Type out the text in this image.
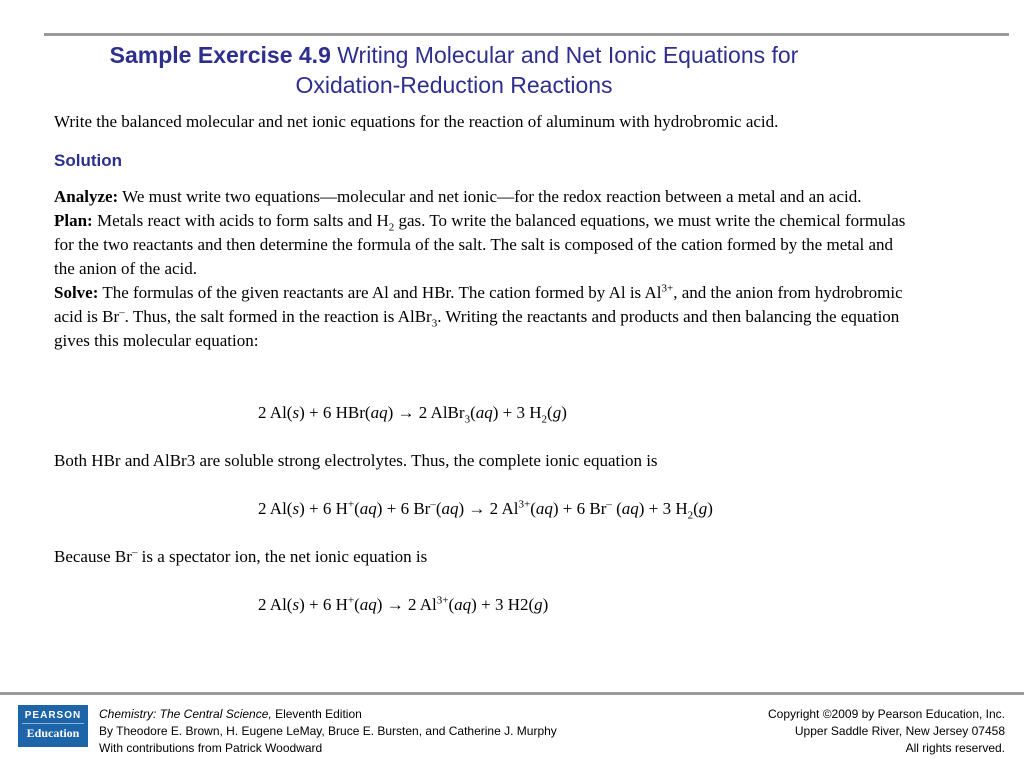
Sample Exercise 4.9 Writing Molecular and Net Ionic Equations for
Oxidation-Reduction Reactions
Write the balanced molecular and net ionic equations for the reaction of aluminum with hydrobromic acid.
Solution

Analyze: We must write two equations—molecular and net ionic—for the redox reaction between a metal and an acid.

Plan: Metals react with acids to form salts and $H_2$ gas. To write the balanced equations, we must write the chemical formulas for the two reactants and then determine the formula of the salt. The salt is composed of the cation formed by the metal and the anion of the acid.

Solve: The formulas of the given reactants are Al and HBr. The cation formed by Al is $Al^{3+}$, and the anion from hydrobromic acid is Br–. Thus, the salt formed in the reaction is AlBr$_3$. Writing the reactants and products and then balancing the equation gives this molecular equation:

2 Al(s) + 6 HBr(aq) → 2 AlBr$_3$(aq) + 3 $H_2(g)$
Both HBr and AlBr3 are soluble strong electrolytes. Thus, the complete ionic equation is
2 Al(s) + 6 H+(aq) + 6 Br–(aq) → 2 $Al^{3+}(aq) + 6$ Br– (aq) + 3 $H_2(g)$
Because Br– is a spectator ion, the net ionic equation is
2 Al(s) + 6 H+(aq) → 2 $Al^{3+}(aq) + 3$ H2(g)
PEARSON
Education
Chemistry: The Central Science, Eleventh Edition
By Theodore E. Brown, H. Eugene LeMay, Bruce E. Bursten, and Catherine J. Murphy
With contributions from Patrick Woodward
Copyright ©2009 by Pearson Education, Inc.
Upper Saddle River, New Jersey 07458
All rights reserved.
